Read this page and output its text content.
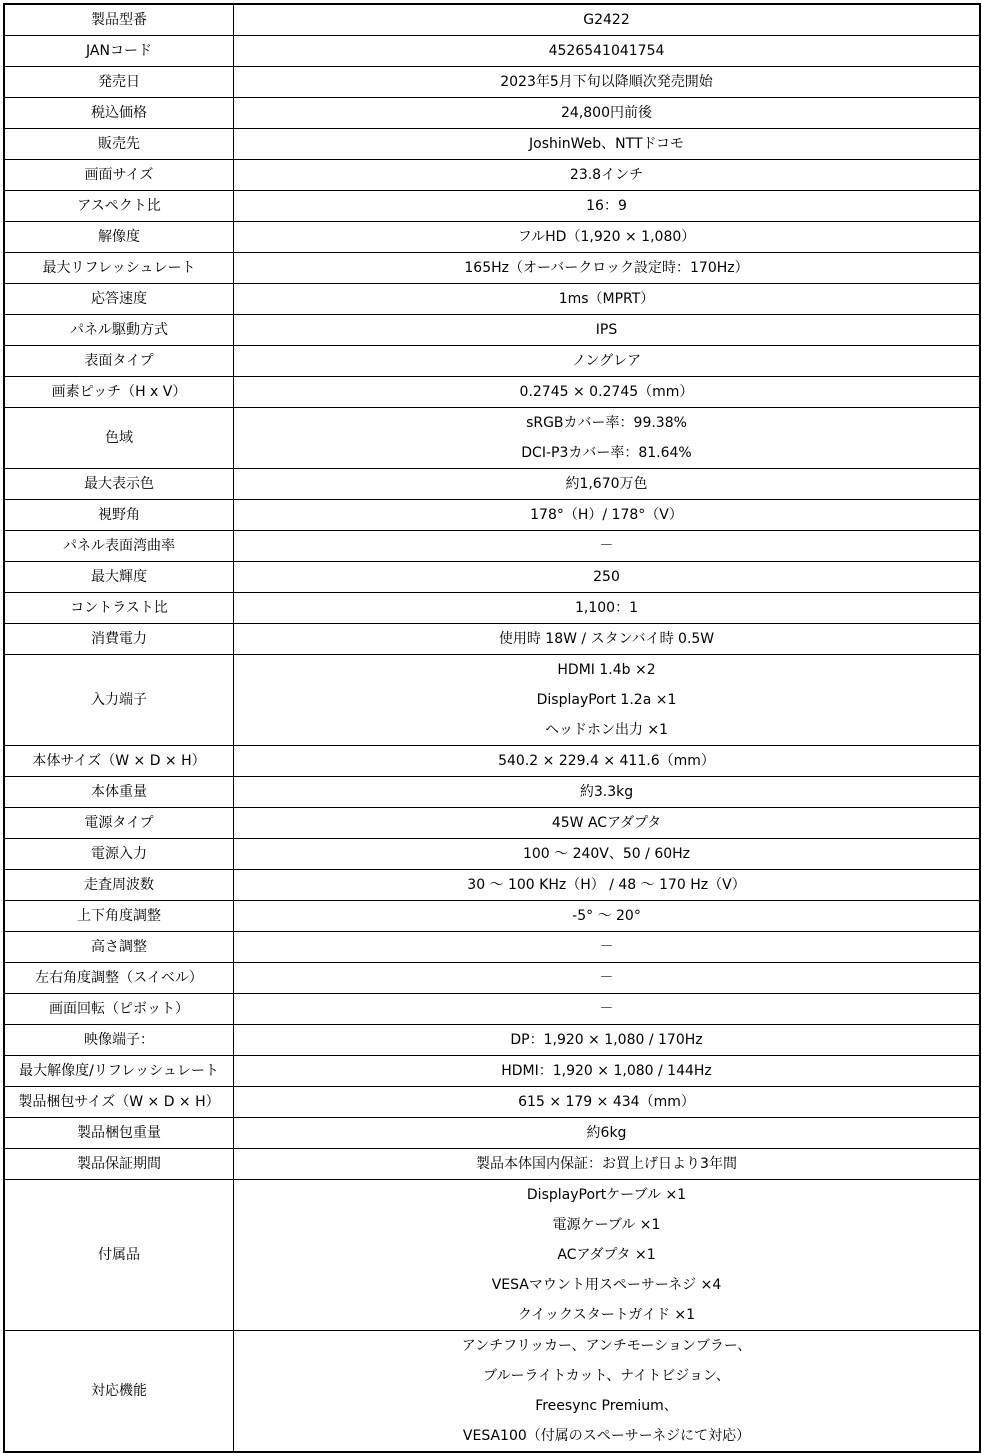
製品型番	G2422

JANコード	4526541041754

発売日	2023年5月下旬以降順次発売開始

税込価格	24,800円前後

販売先	JoshinWeb、NTTドコモ

画面サイズ	23.8インチ

アスペクト比	16：9

解像度	フルHD（1,920 × 1,080）

最大リフレッシュレート	165Hz（オーバークロック設定時：170Hz）

応答速度	1ms（MPRT）

パネル駆動方式	IPS

表面タイプ	ノングレア

画素ピッチ（H x V）	0.2745 × 0.2745（mm）

色域	sRGBカバー率：99.38%
DCI-P3カバー率：81.64%

最大表示色	約1,670万色

視野角	178°（H）/ 178°（V）

パネル表面湾曲率	－

最大輝度	250

コントラスト比	1,100：1

消費電力	使用時 18W / スタンバイ時 0.5W

入力端子	HDMI 1.4b ×2
DisplayPort 1.2a ×1
ヘッドホン出力 ×1

本体サイズ（W × D × H）	540.2 × 229.4 × 411.6（mm）

本体重量	約3.3kg

電源タイプ	45W ACアダプタ

電源入力	100 ～ 240V、50 / 60Hz

走査周波数	30 ～ 100 KHz（H） / 48 ～ 170 Hz（V）

上下角度調整	-5° ～ 20°

高さ調整	－

左右角度調整（スイベル）	－

画面回転（ピボット）	－

映像端子：	DP：1,920 × 1,080 / 170Hz

最大解像度/リフレッシュレート	HDMI：1,920 × 1,080 / 144Hz

製品梱包サイズ（W × D × H）	615 × 179 × 434（mm）

製品梱包重量	約6kg

製品保証期間	製品本体国内保証：お買上げ日より3年間

付属品	DisplayPortケーブル ×1
電源ケーブル ×1
ACアダプタ ×1
VESAマウント用スペーサーネジ ×4
クイックスタートガイド ×1

対応機能	アンチフリッカー、アンチモーションブラー、
ブルーライトカット、ナイトビジョン、
Freesync Premium、
VESA100（付属のスペーサーネジにて対応）
